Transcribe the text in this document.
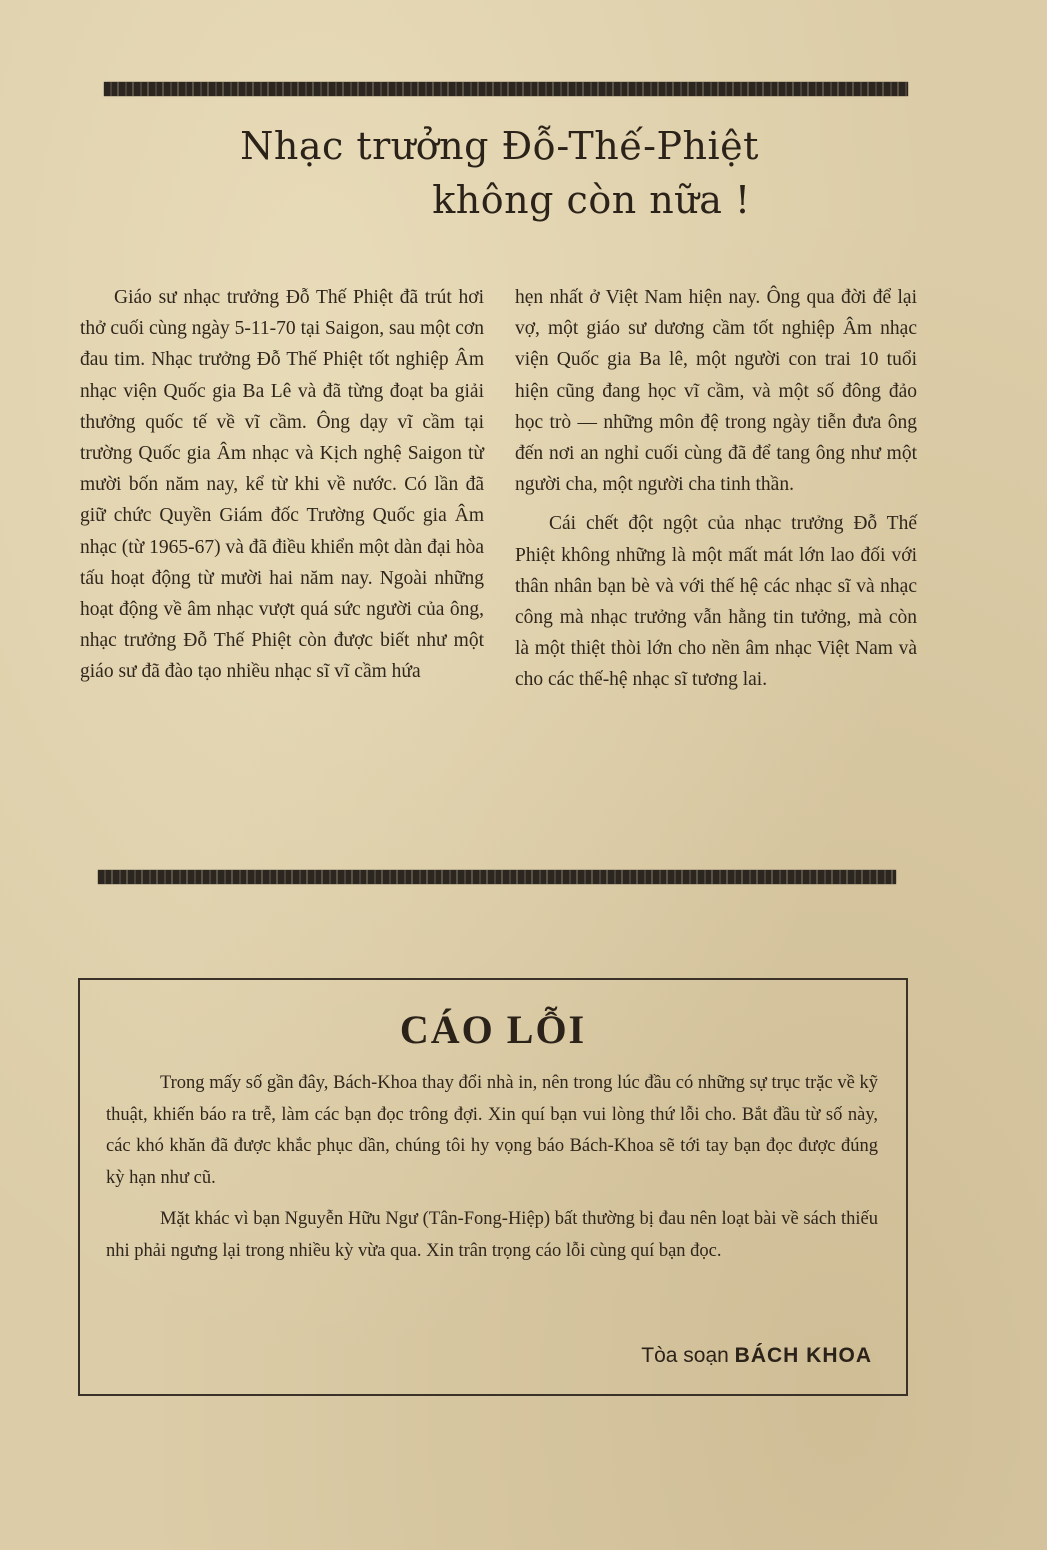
Nhạc trưởng Đỗ-Thế-Phiệt
không còn nữa !

Giáo sư nhạc trưởng Đỗ Thế Phiệt đã trút hơi thở cuối cùng ngày 5-11-70 tại Saigon, sau một cơn đau tim. Nhạc trưởng Đỗ Thế Phiệt tốt nghiệp Âm nhạc viện Quốc gia Ba Lê và đã từng đoạt ba giải thưởng quốc tế về vĩ cầm. Ông dạy vĩ cầm tại trường Quốc gia Âm nhạc và Kịch nghệ Saigon từ mười bốn năm nay, kể từ khi về nước. Có lần đã giữ chức Quyền Giám đốc Trường Quốc gia Âm nhạc (từ 1965-67) và đã điều khiển một dàn đại hòa tấu hoạt động từ mười hai năm nay. Ngoài những hoạt động về âm nhạc vượt quá sức người của ông, nhạc trưởng Đỗ Thế Phiệt còn được biết như một giáo sư đã đào tạo nhiều nhạc sĩ vĩ cầm hứa

hẹn nhất ở Việt Nam hiện nay. Ông qua đời để lại vợ, một giáo sư dương cầm tốt nghiệp Âm nhạc viện Quốc gia Ba lê, một người con trai 10 tuổi hiện cũng đang học vĩ cầm, và một số đông đảo học trò — những môn đệ trong ngày tiễn đưa ông đến nơi an nghỉ cuối cùng đã để tang ông như một người cha, một người cha tinh thần.

Cái chết đột ngột của nhạc trưởng Đỗ Thế Phiệt không những là một mất mát lớn lao đối với thân nhân bạn bè và với thế hệ các nhạc sĩ và nhạc công mà nhạc trưởng vẫn hằng tin tưởng, mà còn là một thiệt thòi lớn cho nền âm nhạc Việt Nam và cho các thế-hệ nhạc sĩ tương lai.

CÁO LỖI

Trong mấy số gần đây, Bách-Khoa thay đổi nhà in, nên trong lúc đầu có những sự trục trặc về kỹ thuật, khiến báo ra trễ, làm các bạn đọc trông đợi. Xin quí bạn vui lòng thứ lỗi cho. Bắt đầu từ số này, các khó khăn đã được khắc phục dần, chúng tôi hy vọng báo Bách-Khoa sẽ tới tay bạn đọc được đúng kỳ hạn như cũ.

Mặt khác vì bạn Nguyễn Hữu Ngư (Tân-Fong-Hiệp) bất thường bị đau nên loạt bài về sách thiếu nhi phải ngưng lại trong nhiều kỳ vừa qua. Xin trân trọng cáo lỗi cùng quí bạn đọc.

Tòa soạn BÁCH KHOA
